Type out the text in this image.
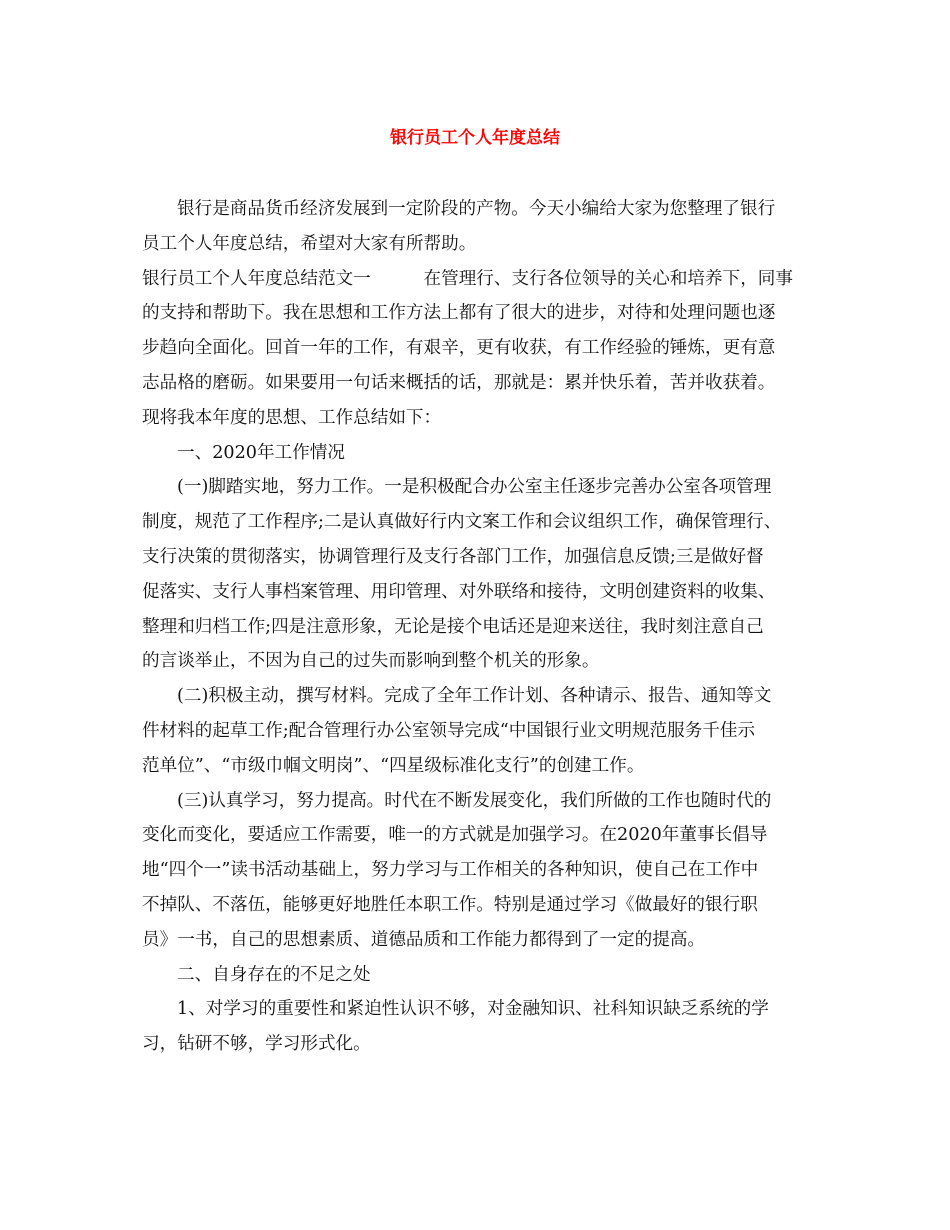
银行员工个人年度总结
银行是商品货币经济发展到一定阶段的产物。今天小编给大家为您整理了银行
员工个人年度总结，希望对大家有所帮助。
银行员工个人年度总结范文一　　　在管理行、支行各位领导的关心和培养下，同事
的支持和帮助下。我在思想和工作方法上都有了很大的进步，对待和处理问题也逐
步趋向全面化。回首一年的工作，有艰辛，更有收获，有工作经验的锤炼，更有意
志品格的磨砺。如果要用一句话来概括的话，那就是：累并快乐着，苦并收获着。
现将我本年度的思想、工作总结如下：
一、2020年工作情况
(一)脚踏实地，努力工作。一是积极配合办公室主任逐步完善办公室各项管理
制度，规范了工作程序;二是认真做好行内文案工作和会议组织工作，确保管理行、
支行决策的贯彻落实，协调管理行及支行各部门工作，加强信息反馈;三是做好督
促落实、支行人事档案管理、用印管理、对外联络和接待，文明创建资料的收集、
整理和归档工作;四是注意形象，无论是接个电话还是迎来送往，我时刻注意自己
的言谈举止，不因为自己的过失而影响到整个机关的形象。
(二)积极主动，撰写材料。完成了全年工作计划、各种请示、报告、通知等文
件材料的起草工作;配合管理行办公室领导完成“中国银行业文明规范服务千佳示
范单位”、“市级巾帼文明岗”、“四星级标准化支行”的创建工作。
(三)认真学习，努力提高。时代在不断发展变化，我们所做的工作也随时代的
变化而变化，要适应工作需要，唯一的方式就是加强学习。在2020年董事长倡导
地“四个一”读书活动基础上，努力学习与工作相关的各种知识，使自己在工作中
不掉队、不落伍，能够更好地胜任本职工作。特别是通过学习《做最好的银行职
员》一书，自己的思想素质、道德品质和工作能力都得到了一定的提高。
二、自身存在的不足之处
1、对学习的重要性和紧迫性认识不够，对金融知识、社科知识缺乏系统的学
习，钻研不够，学习形式化。
